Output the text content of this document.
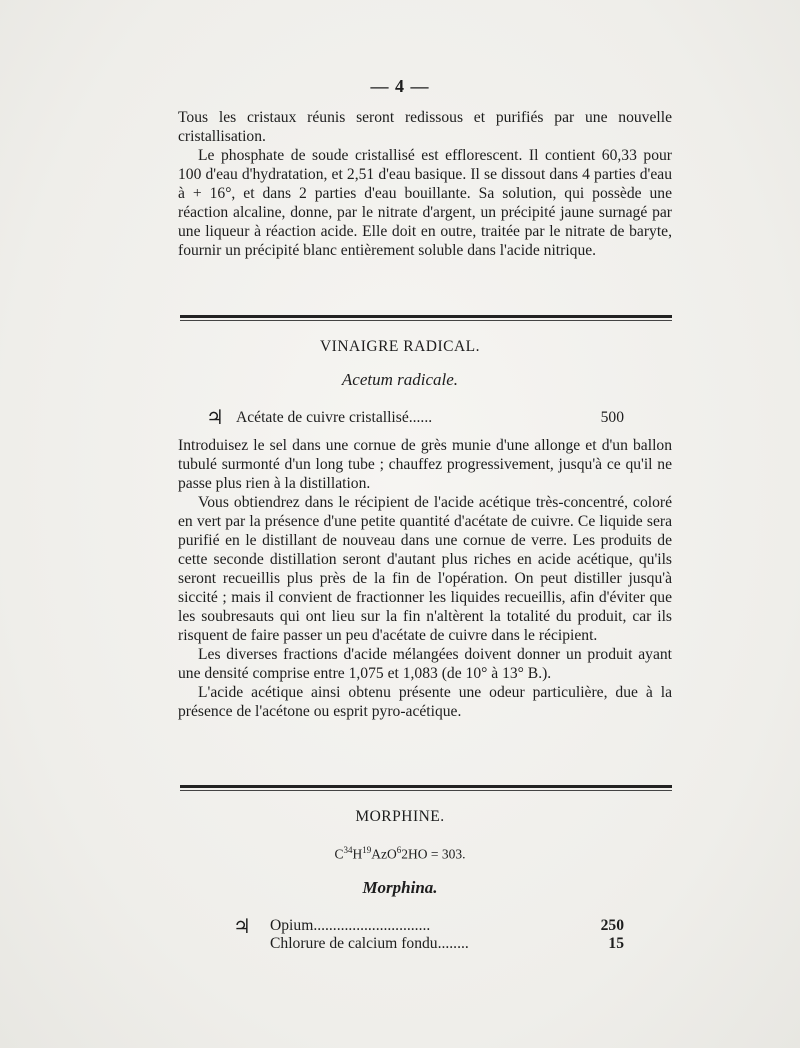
— 4 —

Tous les cristaux réunis seront redissous et purifiés par une nouvelle cristallisation.

Le phosphate de soude cristallisé est efflorescent. Il contient 60,33 pour 100 d'eau d'hydratation, et 2,51 d'eau basique. Il se dissout dans 4 parties d'eau à + 16°, et dans 2 parties d'eau bouillante. Sa solution, qui possède une réaction alcaline, donne, par le nitrate d'argent, un précipité jaune surnagé par une liqueur à réaction acide. Elle doit en outre, traitée par le nitrate de baryte, fournir un précipité blanc entièrement soluble dans l'acide nitrique.

VINAIGRE RADICAL.
Acetum radicale.
♃ Acétate de cuivre cristallisé......	500

Introduisez le sel dans une cornue de grès munie d'une allonge et d'un ballon tubulé surmonté d'un long tube ; chauffez progressivement, jusqu'à ce qu'il ne passe plus rien à la distillation.

Vous obtiendrez dans le récipient de l'acide acétique très-concentré, coloré en vert par la présence d'une petite quantité d'acétate de cuivre. Ce liquide sera purifié en le distillant de nouveau dans une cornue de verre. Les produits de cette seconde distillation seront d'autant plus riches en acide acétique, qu'ils seront recueillis plus près de la fin de l'opération. On peut distiller jusqu'à siccité ; mais il convient de fractionner les liquides recueillis, afin d'éviter que les soubresauts qui ont lieu sur la fin n'altèrent la totalité du produit, car ils risquent de faire passer un peu d'acétate de cuivre dans le récipient.

Les diverses fractions d'acide mélangées doivent donner un produit ayant une densité comprise entre 1,075 et 1,083 (de 10° à 13° B.).

L'acide acétique ainsi obtenu présente une odeur particulière, due à la présence de l'acétone ou esprit pyro-acétique.

MORPHINE.
$C^{34}H^{19}AzO^62HO = 303$.
Morphina.
♃ Opium..............................	250
Chlorure de calcium fondu........	15
